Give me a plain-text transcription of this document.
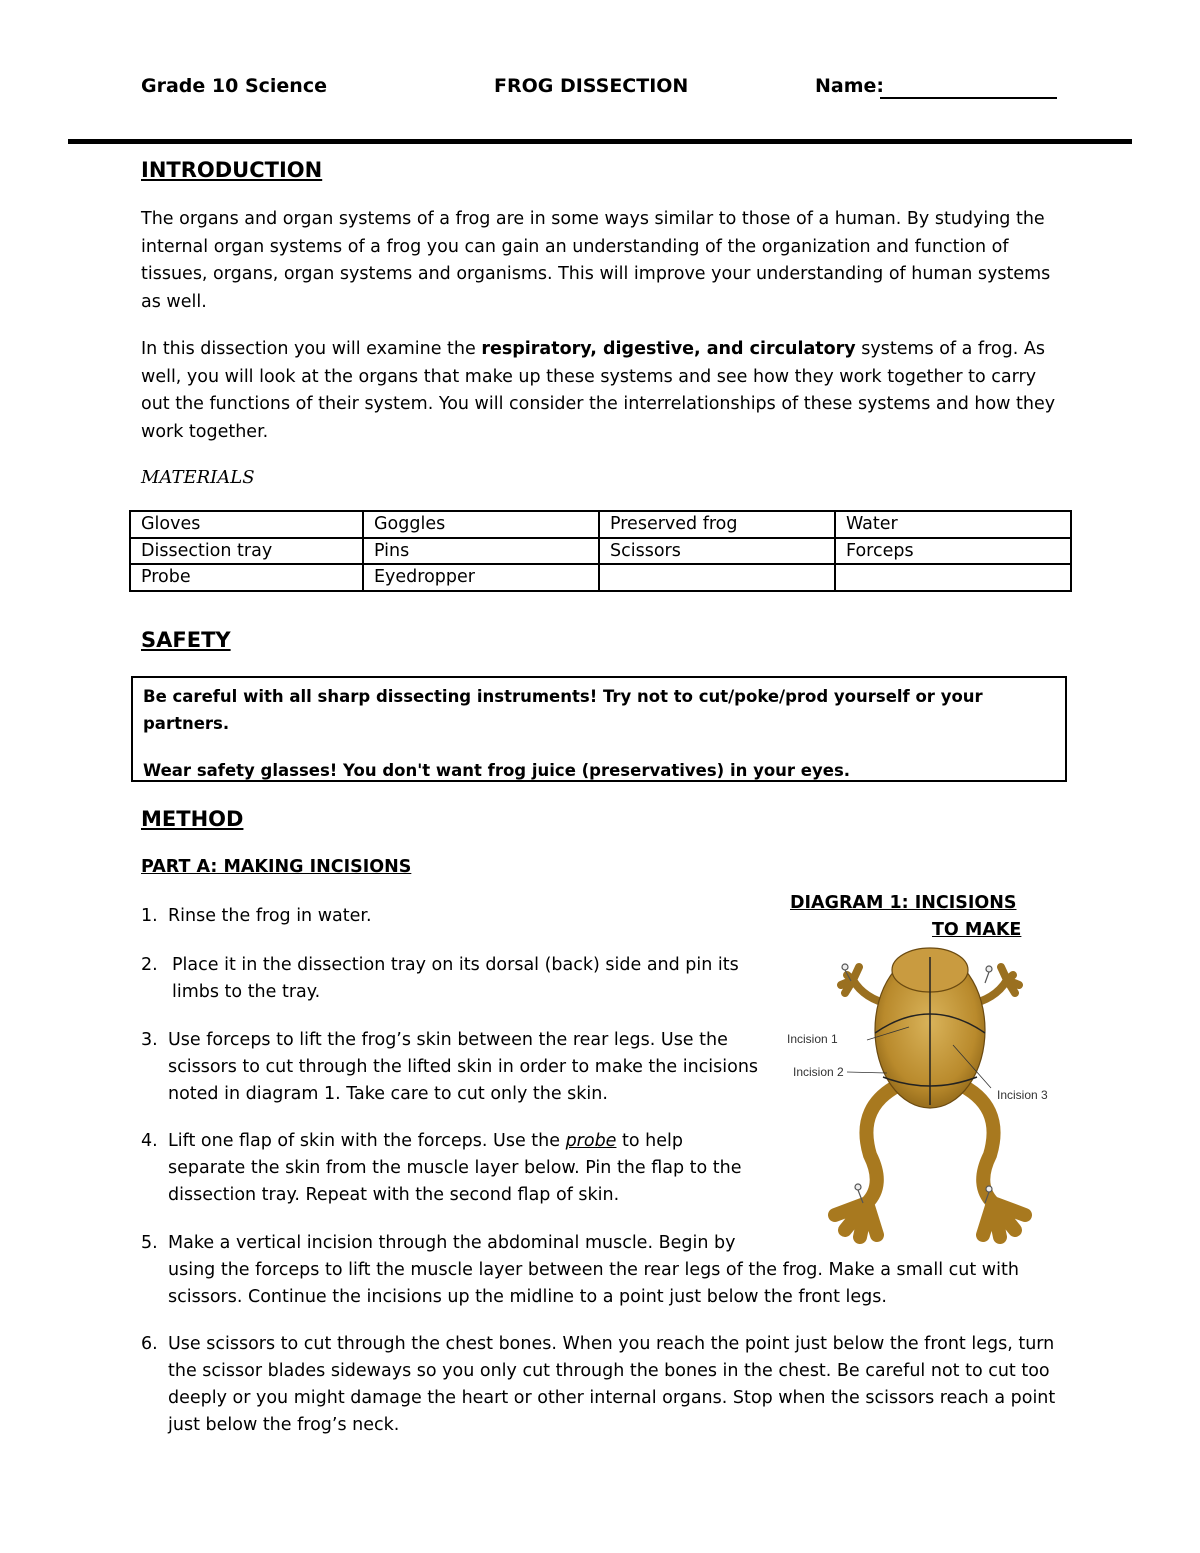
Grade 10 Science	FROG DISSECTION	Name:
INTRODUCTION

The organs and organ systems of a frog are in some ways similar to those of a human. By studying the internal organ systems of a frog you can gain an understanding of the organization and function of tissues, organs, organ systems and organisms. This will improve your understanding of human systems as well.

In this dissection you will examine the respiratory, digestive, and circulatory systems of a frog. As well, you will look at the organs that make up these systems and see how they work together to carry out the functions of their system. You will consider the interrelationships of these systems and how they work together.

MATERIALS
Gloves	Goggles	Preserved frog	Water
Dissection tray	Pins	Scissors	Forceps
Probe	Eyedropper		
SAFETY

Be careful with all sharp dissecting instruments! Try not to cut/poke/prod yourself or your partners.

Wear safety glasses! You don't want frog juice (preservatives) in your eyes.

METHOD
PART A: MAKING INCISIONS
DIAGRAM 1: INCISIONS
TO MAKE
Incision 1
Incision 2
Incision 3
1. Rinse the frog in water.
2. Place it in the dissection tray on its dorsal (back) side and pin its limbs to the tray.
3. Use forceps to lift the frog’s skin between the rear legs. Use the scissors to cut through the lifted skin in order to make the incisions noted in diagram 1. Take care to cut only the skin.
4. Lift one flap of skin with the forceps. Use the probe to help separate the skin from the muscle layer below. Pin the flap to the dissection tray. Repeat with the second flap of skin.
5. Make a vertical incision through the abdominal muscle. Begin by
using the forceps to lift the muscle layer between the rear legs of the frog. Make a small cut with scissors. Continue the incisions up the midline to a point just below the front legs.
6. Use scissors to cut through the chest bones. When you reach the point just below the front legs, turn the scissor blades sideways so you only cut through the bones in the chest. Be careful not to cut too deeply or you might damage the heart or other internal organs. Stop when the scissors reach a point just below the frog’s neck.
